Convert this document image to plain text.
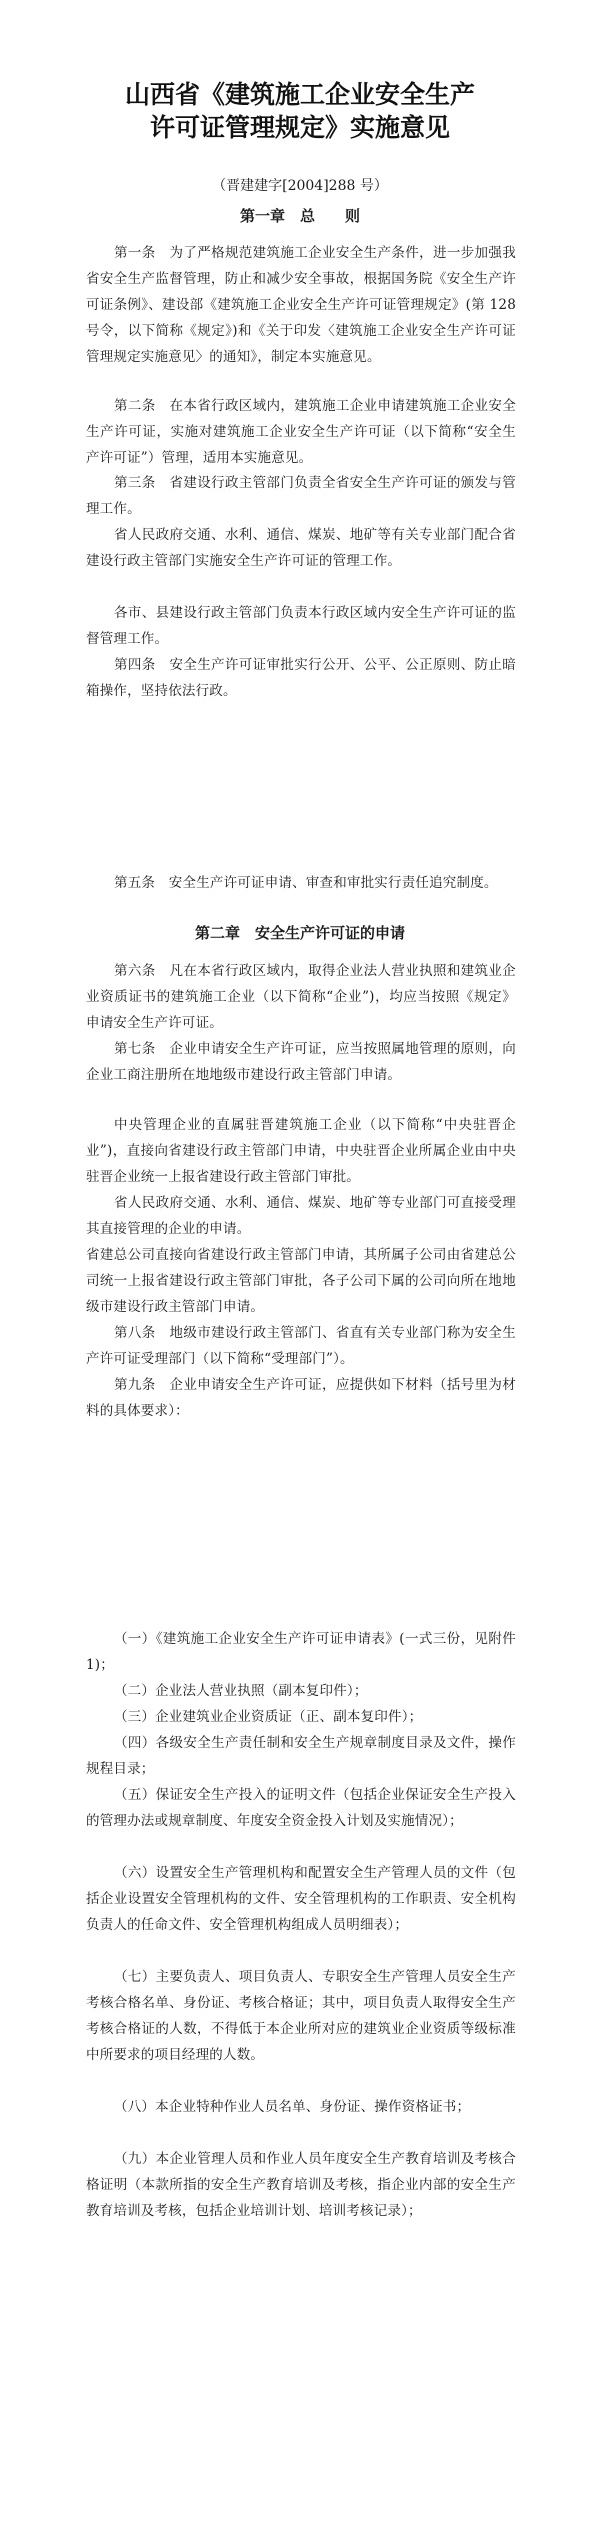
山西省《建筑施工企业安全生产
许可证管理规定》实施意见
（晋建建字[2004]288 号）
第一章　总　　则
第一条　为了严格规范建筑施工企业安全生产条件，进一步加强我省安全生产监督管理，防止和减少安全事故，根据国务院《安全生产许可证条例》、建设部《建筑施工企业安全生产许可证管理规定》(第 128 号令，以下简称《规定》)和《关于印发〈建筑施工企业安全生产许可证管理规定实施意见〉的通知》，制定本实施意见。
第二条　在本省行政区域内，建筑施工企业申请建筑施工企业安全生产许可证，实施对建筑施工企业安全生产许可证（以下简称“安全生产许可证”）管理，适用本实施意见。
第三条　省建设行政主管部门负责全省安全生产许可证的颁发与管理工作。
省人民政府交通、水利、通信、煤炭、地矿等有关专业部门配合省建设行政主管部门实施安全生产许可证的管理工作。
各市、县建设行政主管部门负责本行政区域内安全生产许可证的监督管理工作。
第四条　安全生产许可证审批实行公开、公平、公正原则、防止暗箱操作，坚持依法行政。
第五条　安全生产许可证申请、审查和审批实行责任追究制度。
第二章　安全生产许可证的申请
第六条　凡在本省行政区域内，取得企业法人营业执照和建筑业企业资质证书的建筑施工企业（以下简称“企业”)，均应当按照《规定》申请安全生产许可证。
第七条　企业申请安全生产许可证，应当按照属地管理的原则，向企业工商注册所在地地级市建设行政主管部门申请。
中央管理企业的直属驻晋建筑施工企业（以下简称“中央驻晋企业”)，直接向省建设行政主管部门申请，中央驻晋企业所属企业由中央驻晋企业统一上报省建设行政主管部门审批。
省人民政府交通、水利、通信、煤炭、地矿等专业部门可直接受理其直接管理的企业的申请。
省建总公司直接向省建设行政主管部门申请，其所属子公司由省建总公司统一上报省建设行政主管部门审批，各子公司下属的公司向所在地地级市建设行政主管部门申请。
第八条　地级市建设行政主管部门、省直有关专业部门称为安全生产许可证受理部门（以下简称“受理部门”）。
第九条　企业申请安全生产许可证，应提供如下材料（括号里为材料的具体要求）：
（一）《建筑施工企业安全生产许可证申请表》(一式三份，见附件 1)；
（二）企业法人营业执照（副本复印件）；
（三）企业建筑业企业资质证（正、副本复印件）；
（四）各级安全生产责任制和安全生产规章制度目录及文件，操作规程目录；
（五）保证安全生产投入的证明文件（包括企业保证安全生产投入的管理办法或规章制度、年度安全资金投入计划及实施情况）；
（六）设置安全生产管理机构和配置安全生产管理人员的文件（包括企业设置安全管理机构的文件、安全管理机构的工作职责、安全机构负责人的任命文件、安全管理机构组成人员明细表）；
（七）主要负责人、项目负责人、专职安全生产管理人员安全生产考核合格名单、身份证、考核合格证；其中，项目负责人取得安全生产考核合格证的人数，不得低于本企业所对应的建筑业企业资质等级标准中所要求的项目经理的人数。
（八）本企业特种作业人员名单、身份证、操作资格证书；
（九）本企业管理人员和作业人员年度安全生产教育培训及考核合格证明（本款所指的安全生产教育培训及考核，指企业内部的安全生产教育培训及考核，包括企业培训计划、培训考核记录）；
